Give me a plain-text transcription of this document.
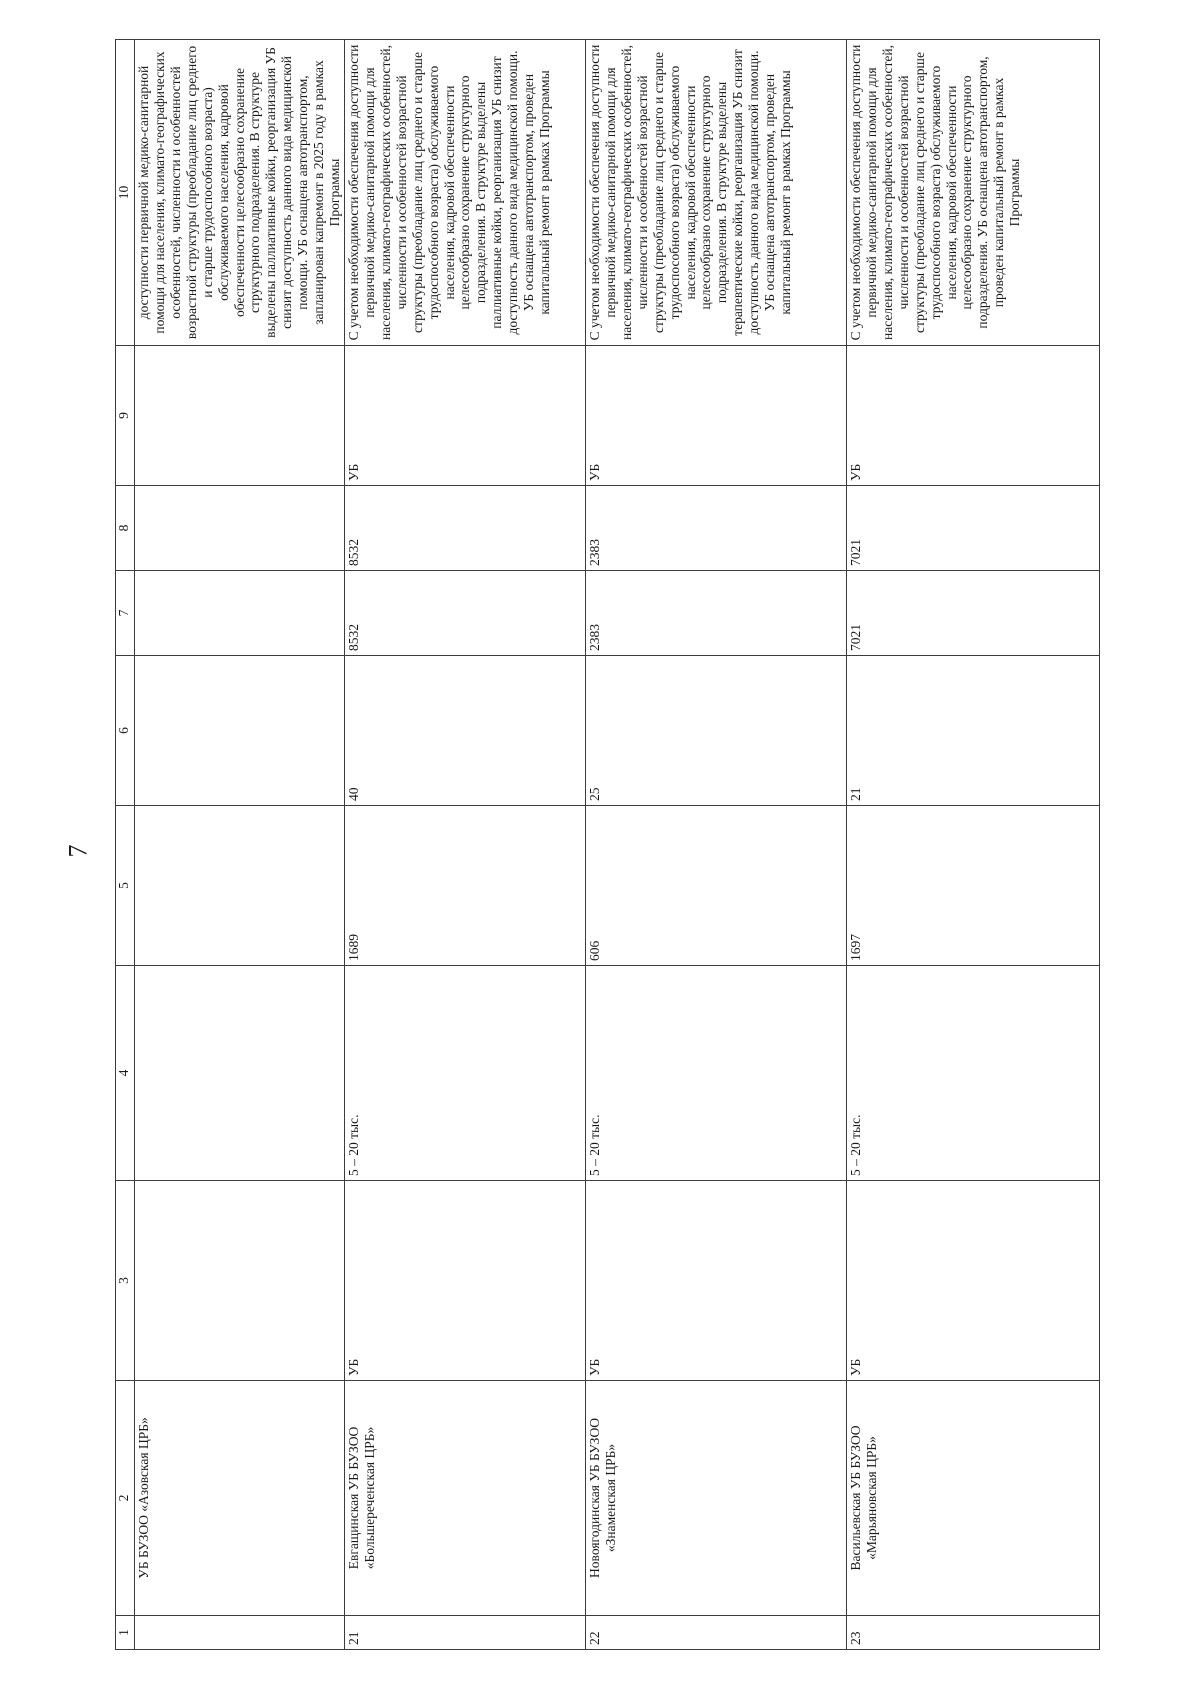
7
1	2	3	4	5	6	7	8	9	10
	УБ БУЗОО «Азовская ЦРБ»								доступности первичной медико-санитарной помощи для населения, климато-географических особенностей, численности и особенностей возрастной структуры (преобладание лиц среднего и старше трудоспособного возраста) обслуживаемого населения, кадровой обеспеченности целесообразно сохранение структурного подразделения. В структуре выделены паллиативные койки, реорганизация УБ снизит доступность данного вида медицинской помощи. УБ оснащена автотранспортом, запланирован капремонт в 2025 году в рамках Программы
21	Евгащинская УБ БУЗОО «Большереченская ЦРБ»	УБ	5 – 20 тыс.	1689	40	8532	8532	УБ	С учетом необходимости обеспечения доступности первичной медико-санитарной помощи для населения, климато-географических особенностей, численности и особенностей возрастной структуры (преобладание лиц среднего и старше трудоспособного возраста) обслуживаемого населения, кадровой обеспеченности целесообразно сохранение структурного подразделения. В структуре выделены паллиативные койки, реорганизация УБ снизит доступность данного вида медицинской помощи. УБ оснащена автотранспортом, проведен капитальный ремонт в рамках Программы
22	Новоягодинская УБ БУЗОО «Знаменская ЦРБ»	УБ	5 – 20 тыс.	606	25	2383	2383	УБ	С учетом необходимости обеспечения доступности первичной медико-санитарной помощи для населения, климато-географических особенностей, численности и особенностей возрастной структуры (преобладание лиц среднего и старше трудоспособного возраста) обслуживаемого населения, кадровой обеспеченности целесообразно сохранение структурного подразделения. В структуре выделены терапевтические койки, реорганизация УБ снизит доступность данного вида медицинской помощи. УБ оснащена автотранспортом, проведен капитальный ремонт в рамках Программы
23	Васильевская УБ БУЗОО «Марьяновская ЦРБ»	УБ	5 – 20 тыс.	1697	21	7021	7021	УБ	С учетом необходимости обеспечения доступности первичной медико-санитарной помощи для населения, климато-географических особенностей, численности и особенностей возрастной структуры (преобладание лиц среднего и старше трудоспособного возраста) обслуживаемого населения, кадровой обеспеченности целесообразно сохранение структурного подразделения. УБ оснащена автотранспортом, проведен капитальный ремонт в рамках Программы
